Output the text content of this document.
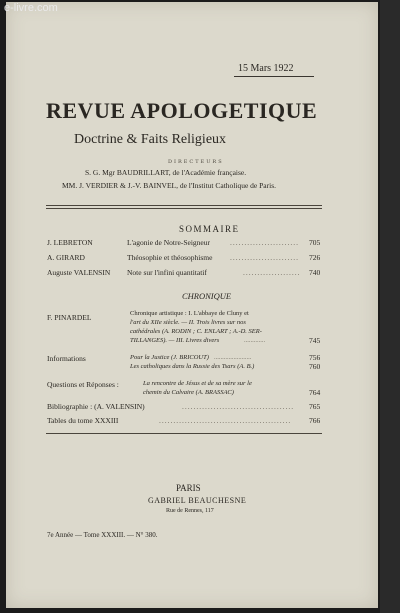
e-livre.com
15 Mars 1922
REVUE APOLOGETIQUE
Doctrine & Faits Religieux
DIRECTEURS
S. G. Mgr BAUDRILLART, de l'Académie française.
MM. J. VERDIER & J.-V. BAINVEL, de l'Institut Catholique de Paris.
SOMMAIRE
J. LEBRETON	L'agonie de Notre-Seigneur	........................	705
A. GIRARD	Théosophie et théosophisme ........................	726
Auguste VALENSIN Note sur l'infini quantitatif	....................	740
CHRONIQUE
F. PINARDEL	Chronique artistique : I. L'abbaye de Cluny et
l'art du XIIe siècle. — II. Trois livres sur nos
cathédrales (A. RODIN ; C. ENLART ; A.-D. SER-
TILLANGES). — III. Livres divers	.............	745
Informations	Pour la Justice (J. BRICOUT) .......................	756
Les catholiques dans la Russie des Tsars (A. B.)	760
Questions et Réponses :	La rencontre de Jésus et de sa mère sur le
chemin du Calvaire (A. BRASSAC)	764
Bibliographie : (A. VALENSIN)	.......................................	765
Tables du tome XXXIII	..............................................	766
PARIS
GABRIEL BEAUCHESNE
Rue de Rennes, 117
7e Année — Tome XXXIII. — N° 380.
